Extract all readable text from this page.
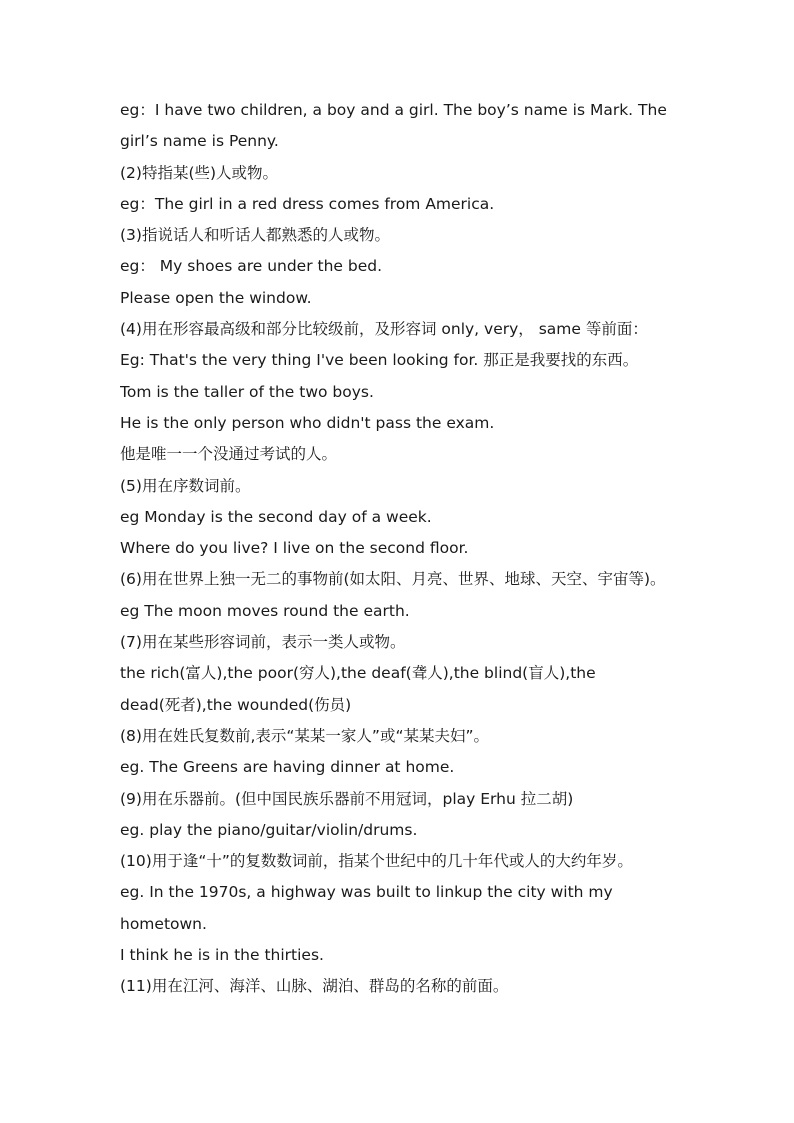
eg：I have two children, a boy and a girl. The boy’s name is Mark. The
girl’s name is Penny.
(2)特指某(些)人或物。
eg：The girl in a red dress comes from America.
(3)指说话人和听话人都熟悉的人或物。
eg： My shoes are under the bed.
Please open the window.
(4)用在形容最高级和部分比较级前，及形容词 only, very， same 等前面：
Eg: That's the very thing I've been looking for. 那正是我要找的东西。
Tom is the taller of the two boys.
He is the only person who didn't pass the exam.
他是唯一一个没通过考试的人。
(5)用在序数词前。
eg Monday is the second day of a week.
Where do you live? I live on the second floor.
(6)用在世界上独一无二的事物前(如太阳、月亮、世界、地球、天空、宇宙等)。
eg The moon moves round the earth.
(7)用在某些形容词前，表示一类人或物。
the rich(富人),the poor(穷人),the deaf(聋人),the blind(盲人),the
dead(死者),the wounded(伤员)
(8)用在姓氏复数前,表示“某某一家人”或“某某夫妇”。
eg. The Greens are having dinner at home.
(9)用在乐器前。(但中国民族乐器前不用冠词，play Erhu 拉二胡)
eg. play the piano/guitar/violin/drums.
(10)用于逢“十”的复数数词前，指某个世纪中的几十年代或人的大约年岁。
eg. In the 1970s, a highway was built to linkup the city with my
hometown.
I think he is in the thirties.
(11)用在江河、海洋、山脉、湖泊、群岛的名称的前面。
